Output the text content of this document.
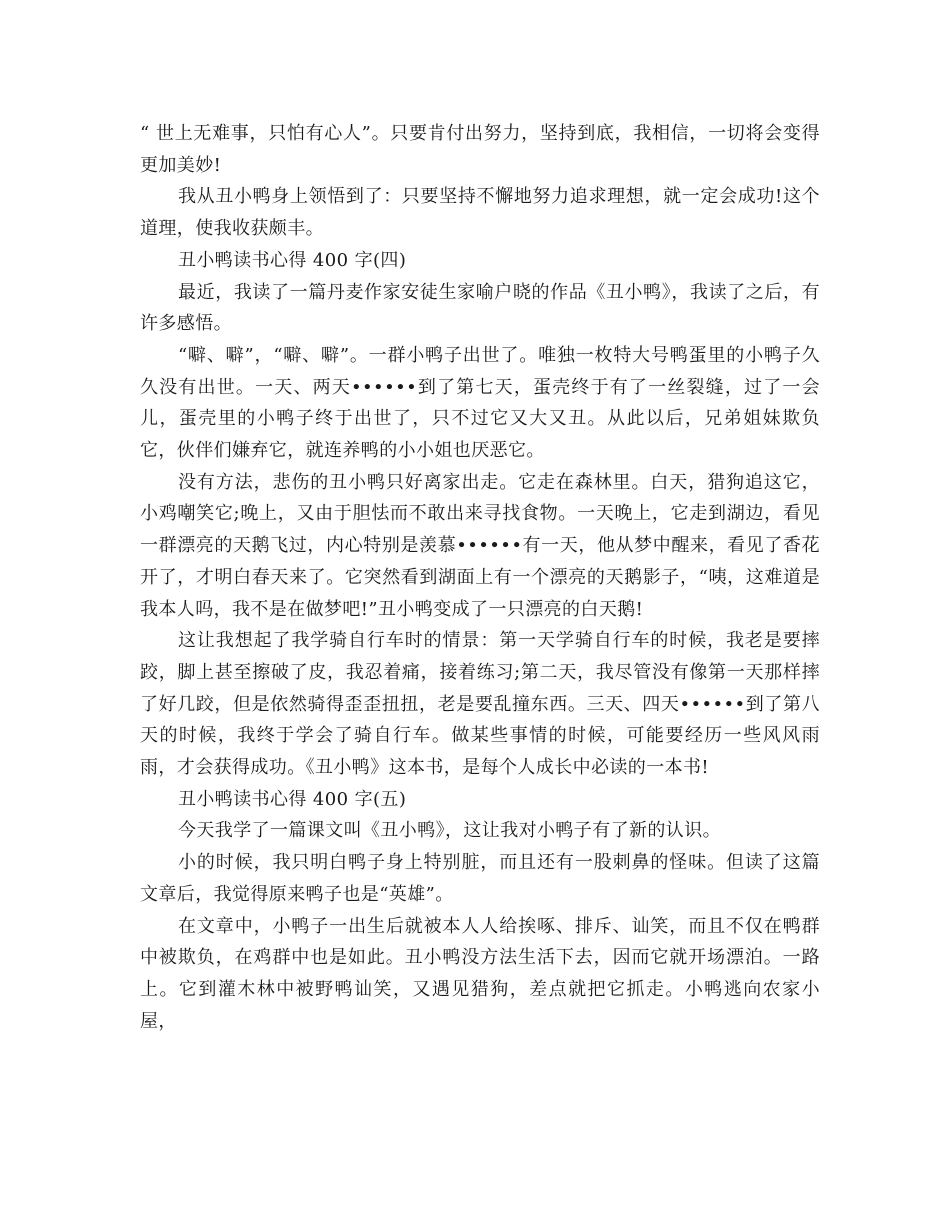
“ 世上无难事，只怕有心人”。只要肯付出努力，坚持到底，我相信，一切将会变得更加美妙!

我从丑小鸭身上领悟到了：只要坚持不懈地努力追求理想，就一定会成功!这个道理，使我收获颇丰。

丑小鸭读书心得 400 字(四)

最近，我读了一篇丹麦作家安徒生家喻户晓的作品《丑小鸭》，我读了之后，有许多感悟。

“噼、噼”，“噼、噼”。一群小鸭子出世了。唯独一枚特大号鸭蛋里的小鸭子久久没有出世。一天、两天••••••到了第七天，蛋壳终于有了一丝裂缝，过了一会儿，蛋壳里的小鸭子终于出世了，只不过它又大又丑。从此以后，兄弟姐妹欺负它，伙伴们嫌弃它，就连养鸭的小小姐也厌恶它。

没有方法，悲伤的丑小鸭只好离家出走。它走在森林里。白天，猎狗追这它，小鸡嘲笑它;晚上，又由于胆怯而不敢出来寻找食物。一天晚上，它走到湖边，看见一群漂亮的天鹅飞过，内心特别是羡慕••••••有一天，他从梦中醒来，看见了香花开了，才明白春天来了。它突然看到湖面上有一个漂亮的天鹅影子，“咦，这难道是我本人吗，我不是在做梦吧!”丑小鸭变成了一只漂亮的白天鹅!

这让我想起了我学骑自行车时的情景：第一天学骑自行车的时候，我老是要摔跤，脚上甚至擦破了皮，我忍着痛，接着练习;第二天，我尽管没有像第一天那样摔了好几跤，但是依然骑得歪歪扭扭，老是要乱撞东西。三天、四天••••••到了第八天的时候，我终于学会了骑自行车。做某些事情的时候，可能要经历一些风风雨雨，才会获得成功。《丑小鸭》这本书，是每个人成长中必读的一本书!

丑小鸭读书心得 400 字(五)

今天我学了一篇课文叫《丑小鸭》，这让我对小鸭子有了新的认识。

小的时候，我只明白鸭子身上特别脏，而且还有一股刺鼻的怪味。但读了这篇文章后，我觉得原来鸭子也是“英雄”。

在文章中，小鸭子一出生后就被本人人给挨啄、排斥、讪笑，而且不仅在鸭群中被欺负，在鸡群中也是如此。丑小鸭没方法生活下去，因而它就开场漂泊。一路上。它到灌木林中被野鸭讪笑，又遇见猎狗，差点就把它抓走。小鸭逃向农家小屋，
